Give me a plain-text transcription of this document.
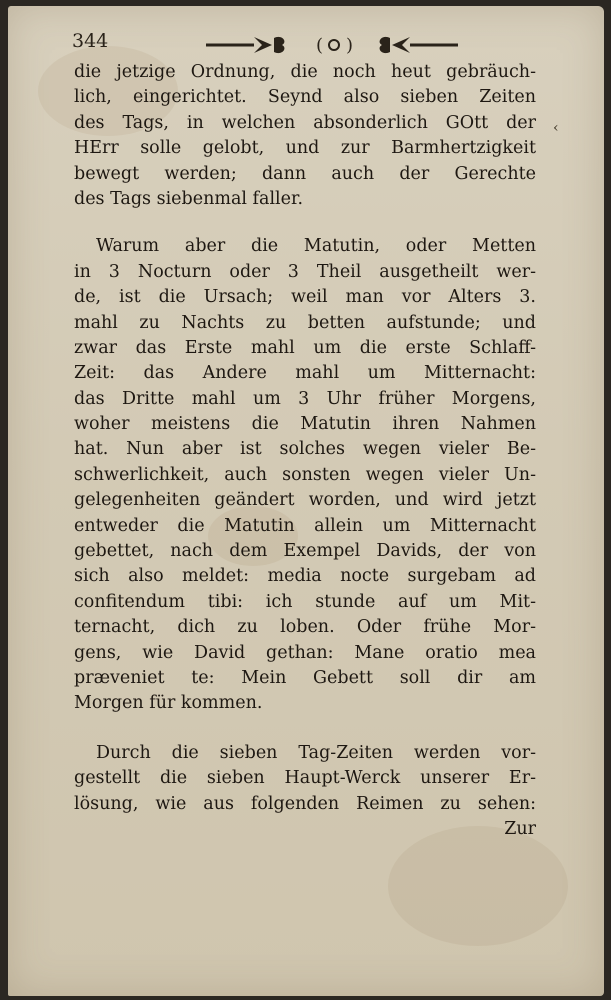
344	( )
‹
die jetzige Ordnung, die noch heut gebräuch-
lich, eingerichtet. Seynd also sieben Zeiten
des Tags, in welchen absonderlich GOtt der
HErr solle gelobt, und zur Barmhertzigkeit
bewegt werden; dann auch der Gerechte
des Tags siebenmal faller.
Warum aber die Matutin, oder Metten
in 3 Nocturn oder 3 Theil ausgetheilt wer-
de, ist die Ursach; weil man vor Alters 3.
mahl zu Nachts zu betten aufstunde; und
zwar das Erste mahl um die erste Schlaff-
Zeit: das Andere mahl um Mitternacht:
das Dritte mahl um 3 Uhr früher Morgens,
woher meistens die Matutin ihren Nahmen
hat. Nun aber ist solches wegen vieler Be-
schwerlichkeit, auch sonsten wegen vieler Un-
gelegenheiten geändert worden, und wird jetzt
entweder die Matutin allein um Mitternacht
gebettet, nach dem Exempel Davids, der von
sich also meldet: media nocte surgebam ad
confitendum tibi: ich stunde auf um Mit-
ternacht, dich zu loben. Oder frühe Mor-
gens, wie David gethan: Mane oratio mea
præveniet te: Mein Gebett soll dir am
Morgen für kommen.
Durch die sieben Tag-Zeiten werden vor-
gestellt die sieben Haupt-Werck unserer Er-
lösung, wie aus folgenden Reimen zu sehen:
Zur
